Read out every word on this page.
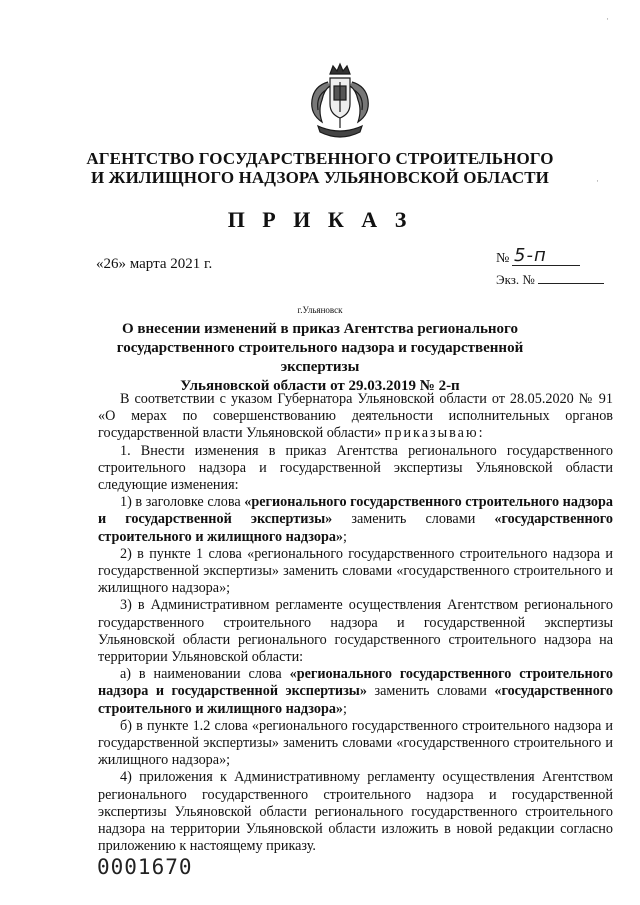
АГЕНТСТВО ГОСУДАРСТВЕННОГО СТРОИТЕЛЬНОГО
И ЖИЛИЩНОГО НАДЗОРА УЛЬЯНОВСКОЙ ОБЛАСТИ
П Р И К А З
«26» марта 2021 г.	№ 5-п
Экз. №
г.Ульяновск
О внесении изменений в приказ Агентства регионального
государственного строительного надзора и государственной экспертизы
Ульяновской области от 29.03.2019 № 2-п

В соответствии с указом Губернатора Ульяновской области от 28.05.2020 № 91 «О мерах по совершенствованию деятельности исполнительных органов государственной власти Ульяновской области» приказываю:

1. Внести изменения в приказ Агентства регионального государственного строительного надзора и государственной экспертизы Ульяновской области следующие изменения:

1) в заголовке слова «регионального государственного строительного надзора и государственной экспертизы» заменить словами «государственного строительного и жилищного надзора»;

2) в пункте 1 слова «регионального государственного строительного надзора и государственной экспертизы» заменить словами «государственного строительного и жилищного надзора»;

3) в Административном регламенте осуществления Агентством регионального государственного строительного надзора и государственной экспертизы Ульяновской области регионального государственного строительного надзора на территории Ульяновской области:

а) в наименовании слова «регионального государственного строительного надзора и государственной экспертизы» заменить словами «государственного строительного и жилищного надзора»;

б) в пункте 1.2 слова «регионального государственного строительного надзора и государственной экспертизы» заменить словами «государственного строительного и жилищного надзора»;

4) приложения к Административному регламенту осуществления Агентством регионального государственного строительного надзора и государственной экспертизы Ульяновской области регионального государственного строительного надзора на территории Ульяновской области изложить в новой редакции согласно приложению к настоящему приказу.

0001670
·
·
